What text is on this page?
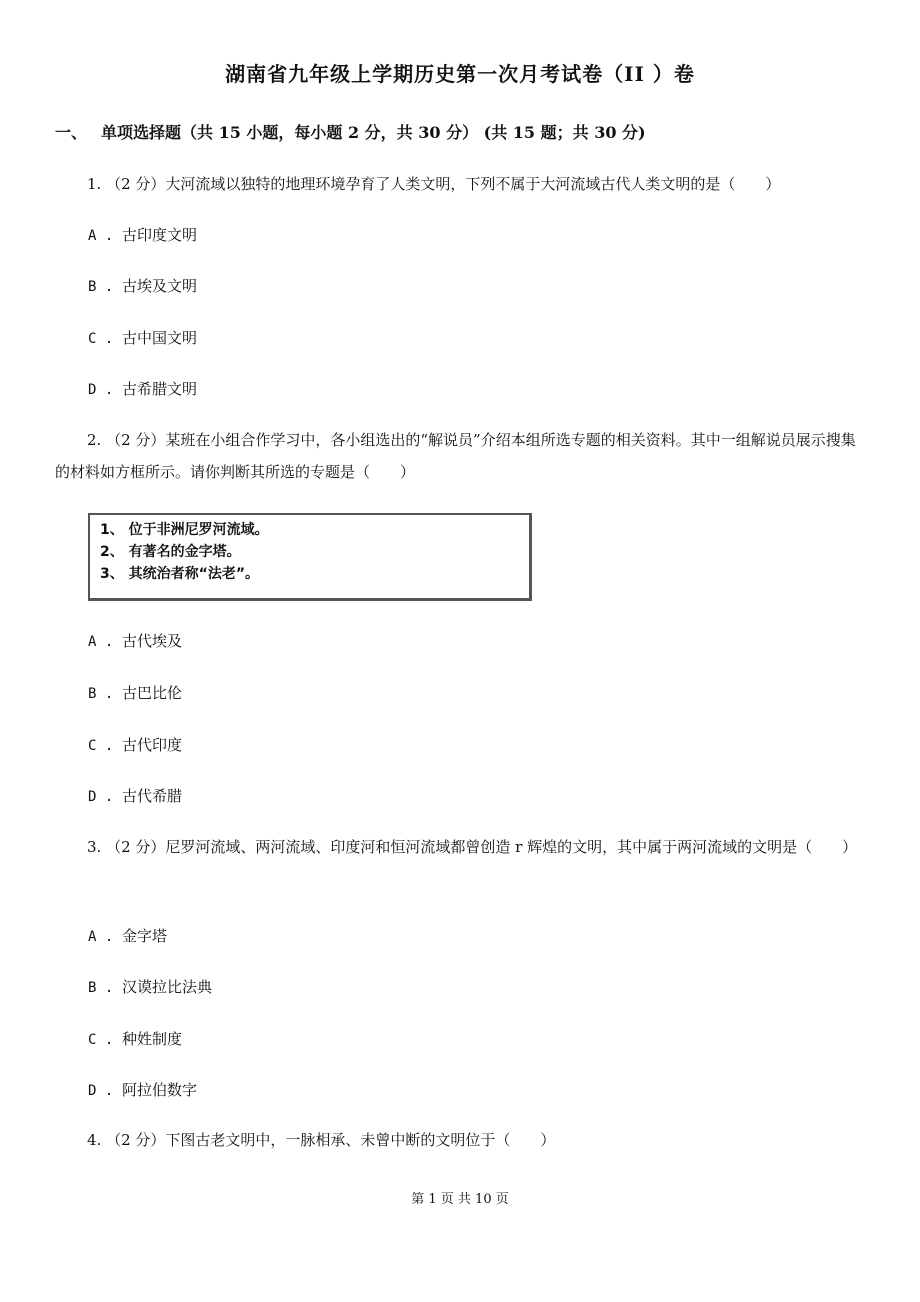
湖南省九年级上学期历史第一次月考试卷（II ）卷
一、 单项选择题（共 15 小题，每小题 2 分，共 30 分） (共 15 题；共 30 分)
1. （2 分）大河流域以独特的地理环境孕育了人类文明，下列不属于大河流域古代人类文明的是（　　）
A . 古印度文明
B . 古埃及文明
C . 古中国文明
D . 古希腊文明
2. （2 分）某班在小组合作学习中，各小组选出的“解说员”介绍本组所选专题的相关资料。其中一组解说员展示搜集的材料如方框所示。请你判断其所选的专题是（　　）
1、 位于非洲尼罗河流域。
2、 有著名的金字塔。
3、 其统治者称“法老”。
A . 古代埃及
B . 古巴比伦
C . 古代印度
D . 古代希腊
3. （2 分）尼罗河流域、两河流域、印度河和恒河流域都曾创造 r 辉煌的文明，其中属于两河流域的文明是（　　）
A . 金字塔
B . 汉谟拉比法典
C . 种姓制度
D . 阿拉伯数字
4. （2 分）下图古老文明中，一脉相承、未曾中断的文明位于（　　）
第 1 页 共 10 页
